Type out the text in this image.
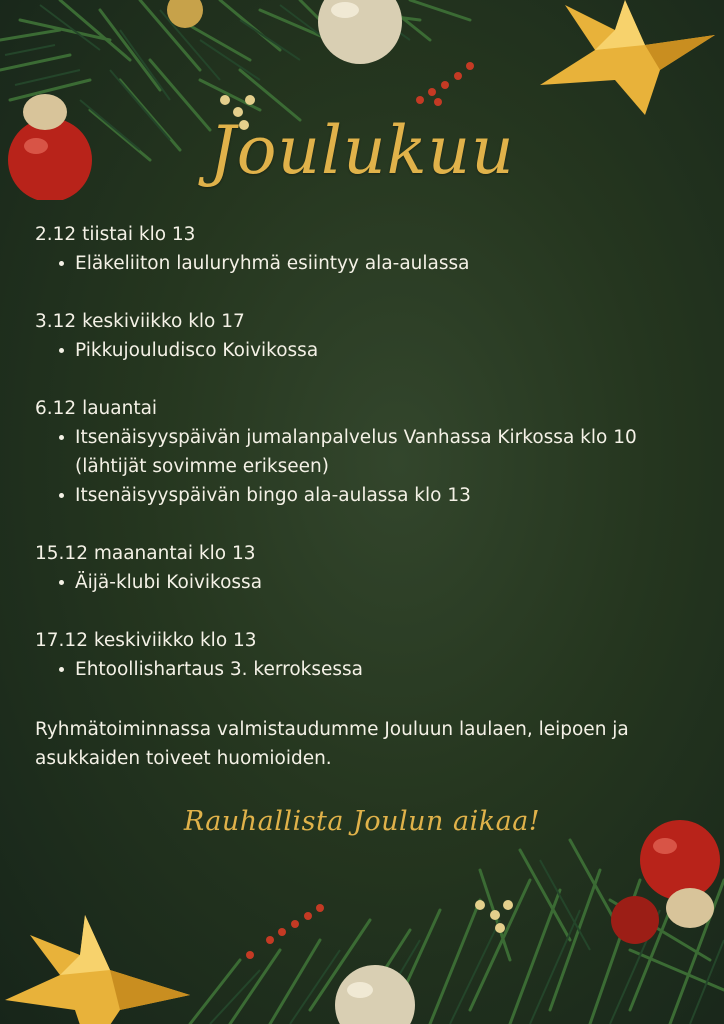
Joulukuu

2.12 tiistai klo 13

Eläkeliiton lauluryhmä esiintyy ala-aulassa

3.12 keskiviikko klo 17

Pikkujouludisco Koivikossa

6.12 lauantai

Itsenäisyyspäivän jumalanpalvelus Vanhassa Kirkossa klo 10 (lähtijät sovimme erikseen)
Itsenäisyyspäivän bingo ala-aulassa klo 13

15.12 maanantai klo 13

Äijä-klubi Koivikossa

17.12 keskiviikko klo 13

Ehtoollishartaus 3. kerroksessa

Ryhmätoiminnassa valmistaudumme Jouluun laulaen, leipoen ja asukkaiden toiveet huomioiden.

Rauhallista Joulun aikaa!
